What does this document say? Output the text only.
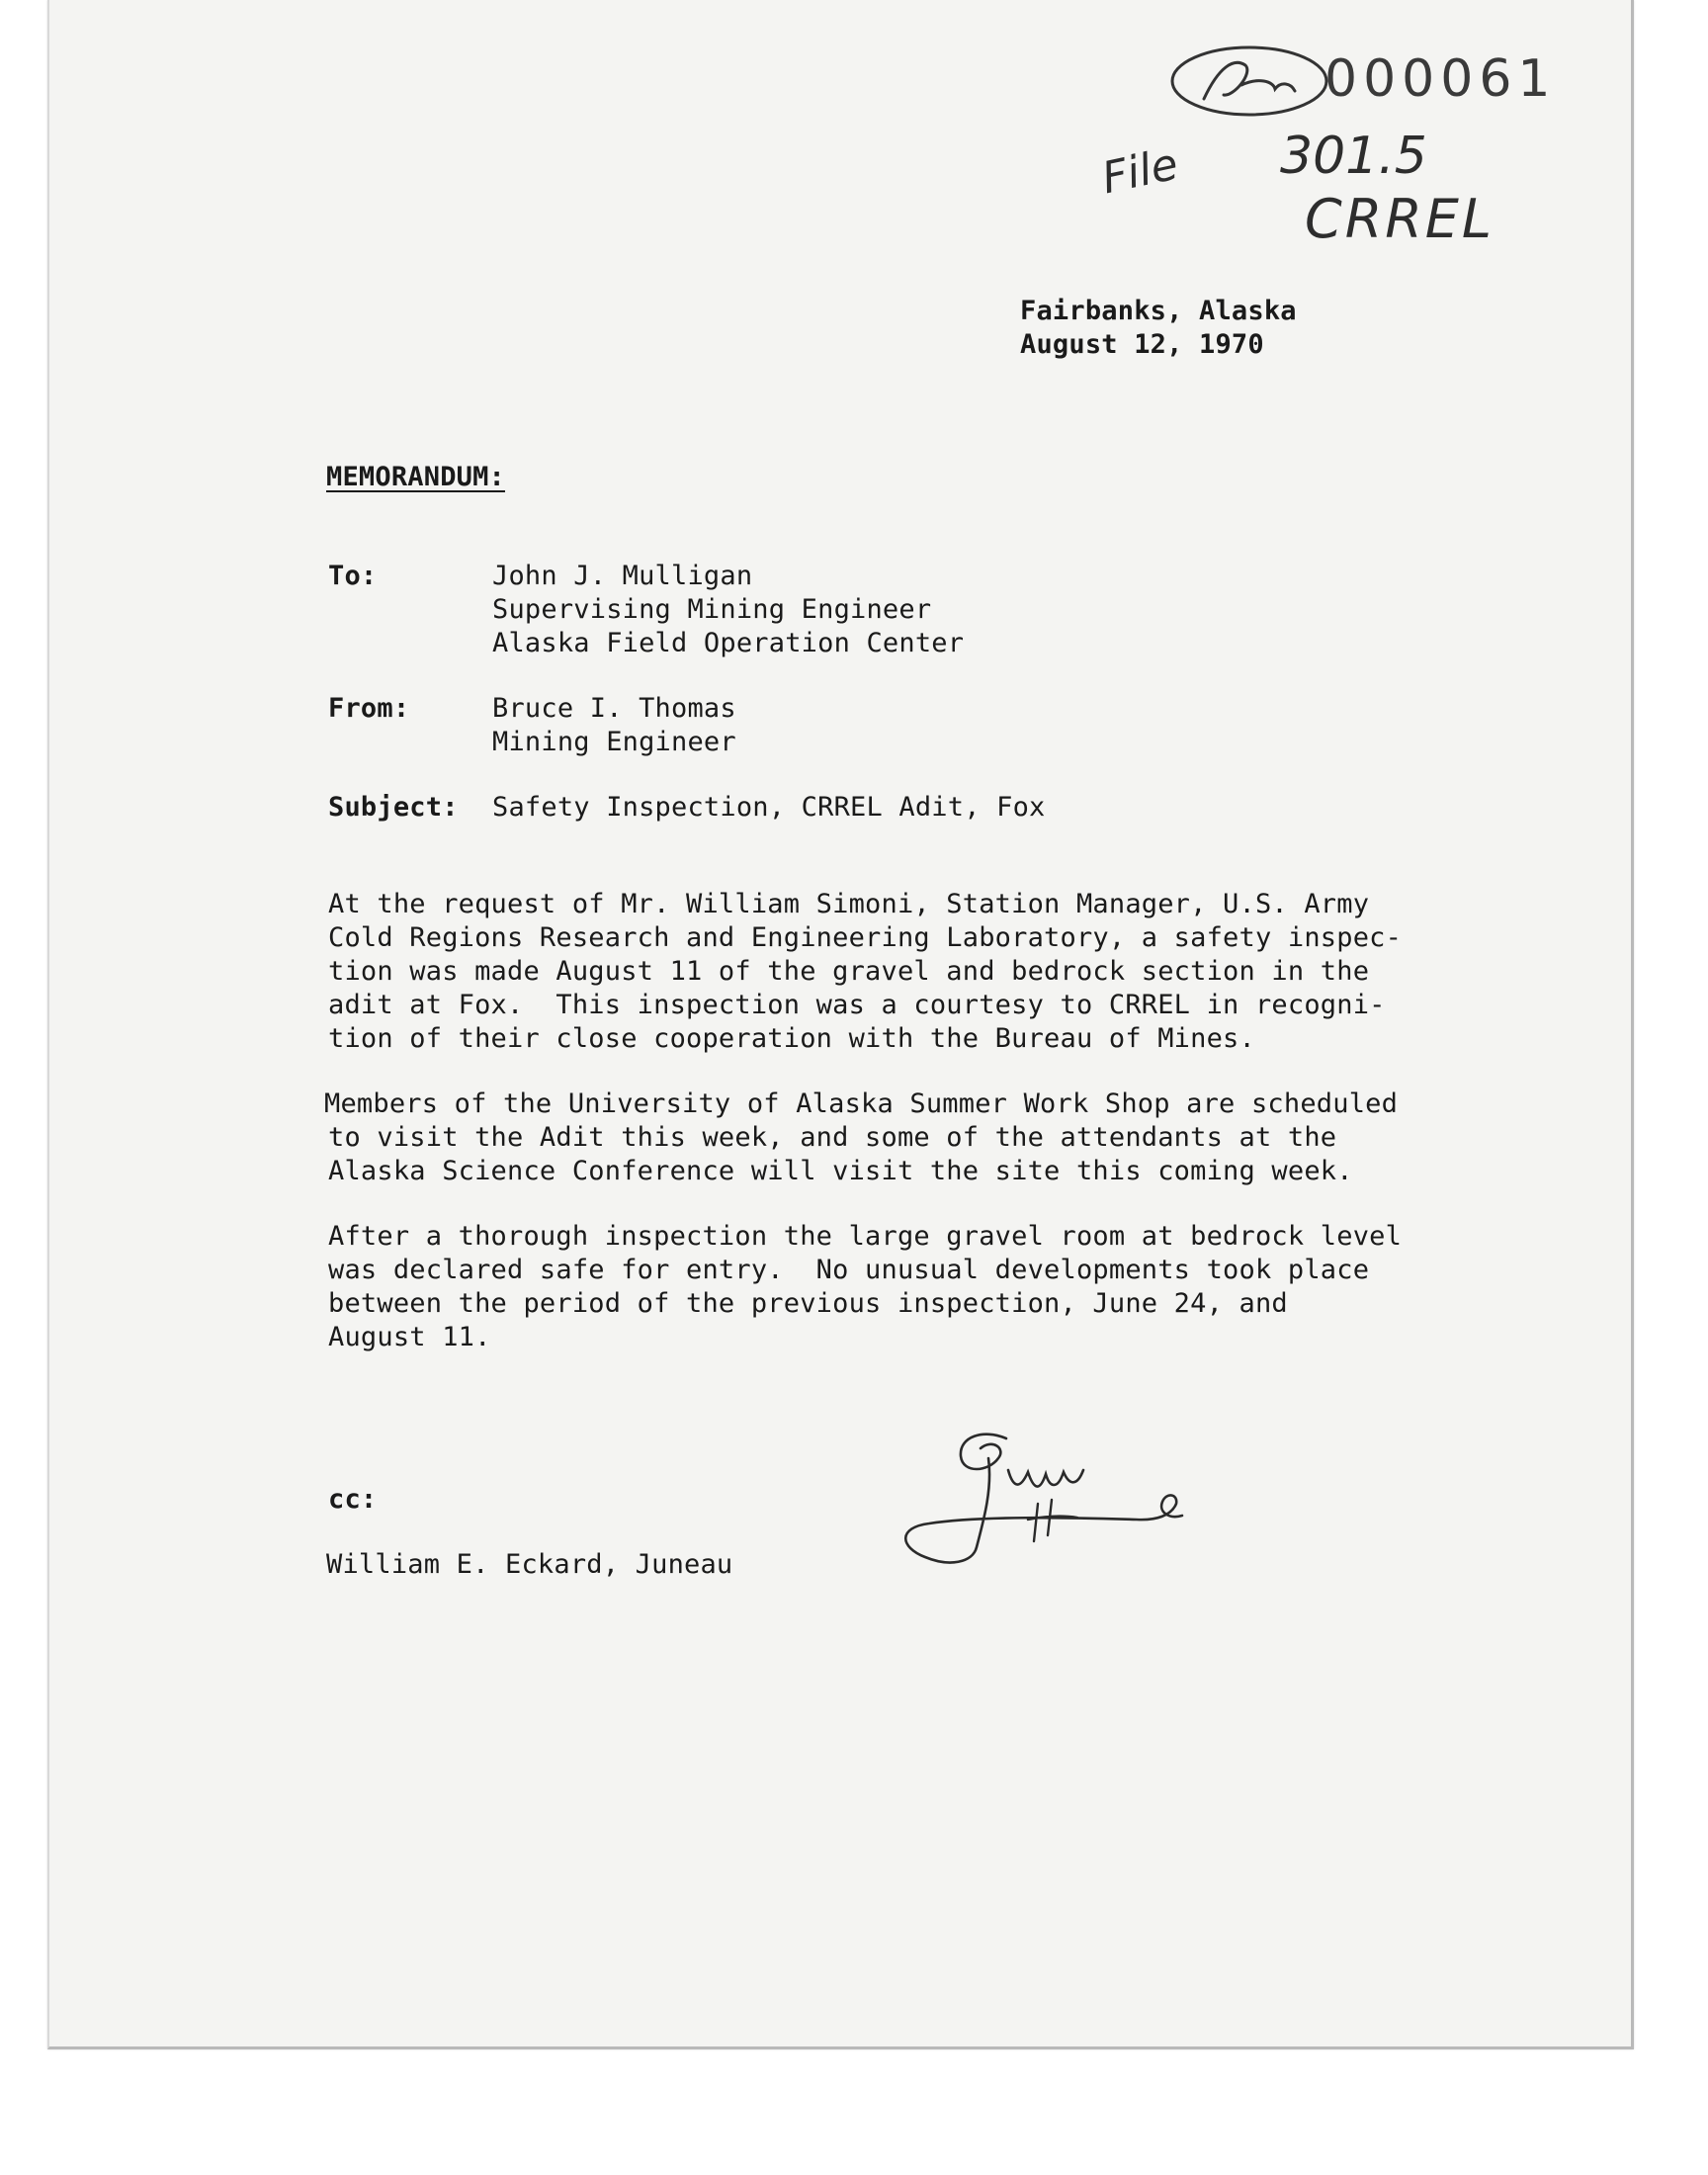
000061
File 301.5
CRREL
Fairbanks, Alaska
August 12, 1970
MEMORANDUM:
To:	John J. Mulligan
Supervising Mining Engineer
Alaska Field Operation Center
From:	Bruce I. Thomas
Mining Engineer
Subject: Safety Inspection, CRREL Adit, Fox
At the request of Mr. William Simoni, Station Manager, U.S. Army
Cold Regions Research and Engineering Laboratory, a safety inspec-
tion was made August 11 of the gravel and bedrock section in the
adit at Fox.  This inspection was a courtesy to CRREL in recogni-
tion of their close cooperation with the Bureau of Mines.
Members of the University of Alaska Summer Work Shop are scheduled
to visit the Adit this week, and some of the attendants at the
Alaska Science Conference will visit the site this coming week.
After a thorough inspection the large gravel room at bedrock level
was declared safe for entry.  No unusual developments took place
between the period of the previous inspection, June 24, and
August 11.
cc:
William E. Eckard, Juneau
